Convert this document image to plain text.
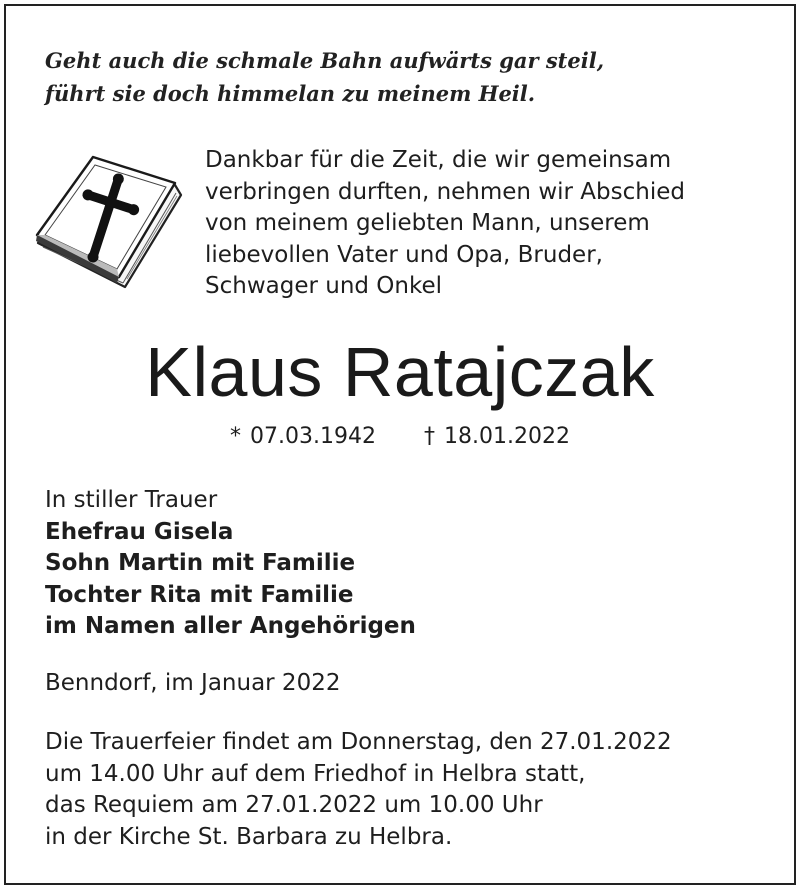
Geht auch die schmale Bahn aufwärts gar steil,
führt sie doch himmelan zu meinem Heil.
Dankbar für die Zeit, die wir gemeinsam
verbringen durften, nehmen wir Abschied
von meinem geliebten Mann, unserem
liebevollen Vater und Opa, Bruder,
Schwager und Onkel
Klaus Ratajczak
* 07.03.1942 † 18.01.2022
In stiller Trauer
Ehefrau Gisela
Sohn Martin mit Familie
Tochter Rita mit Familie
im Namen aller Angehörigen
Benndorf, im Januar 2022
Die Trauerfeier findet am Donnerstag, den 27.01.2022
um 14.00 Uhr auf dem Friedhof in Helbra statt,
das Requiem am 27.01.2022 um 10.00 Uhr
in der Kirche St. Barbara zu Helbra.
